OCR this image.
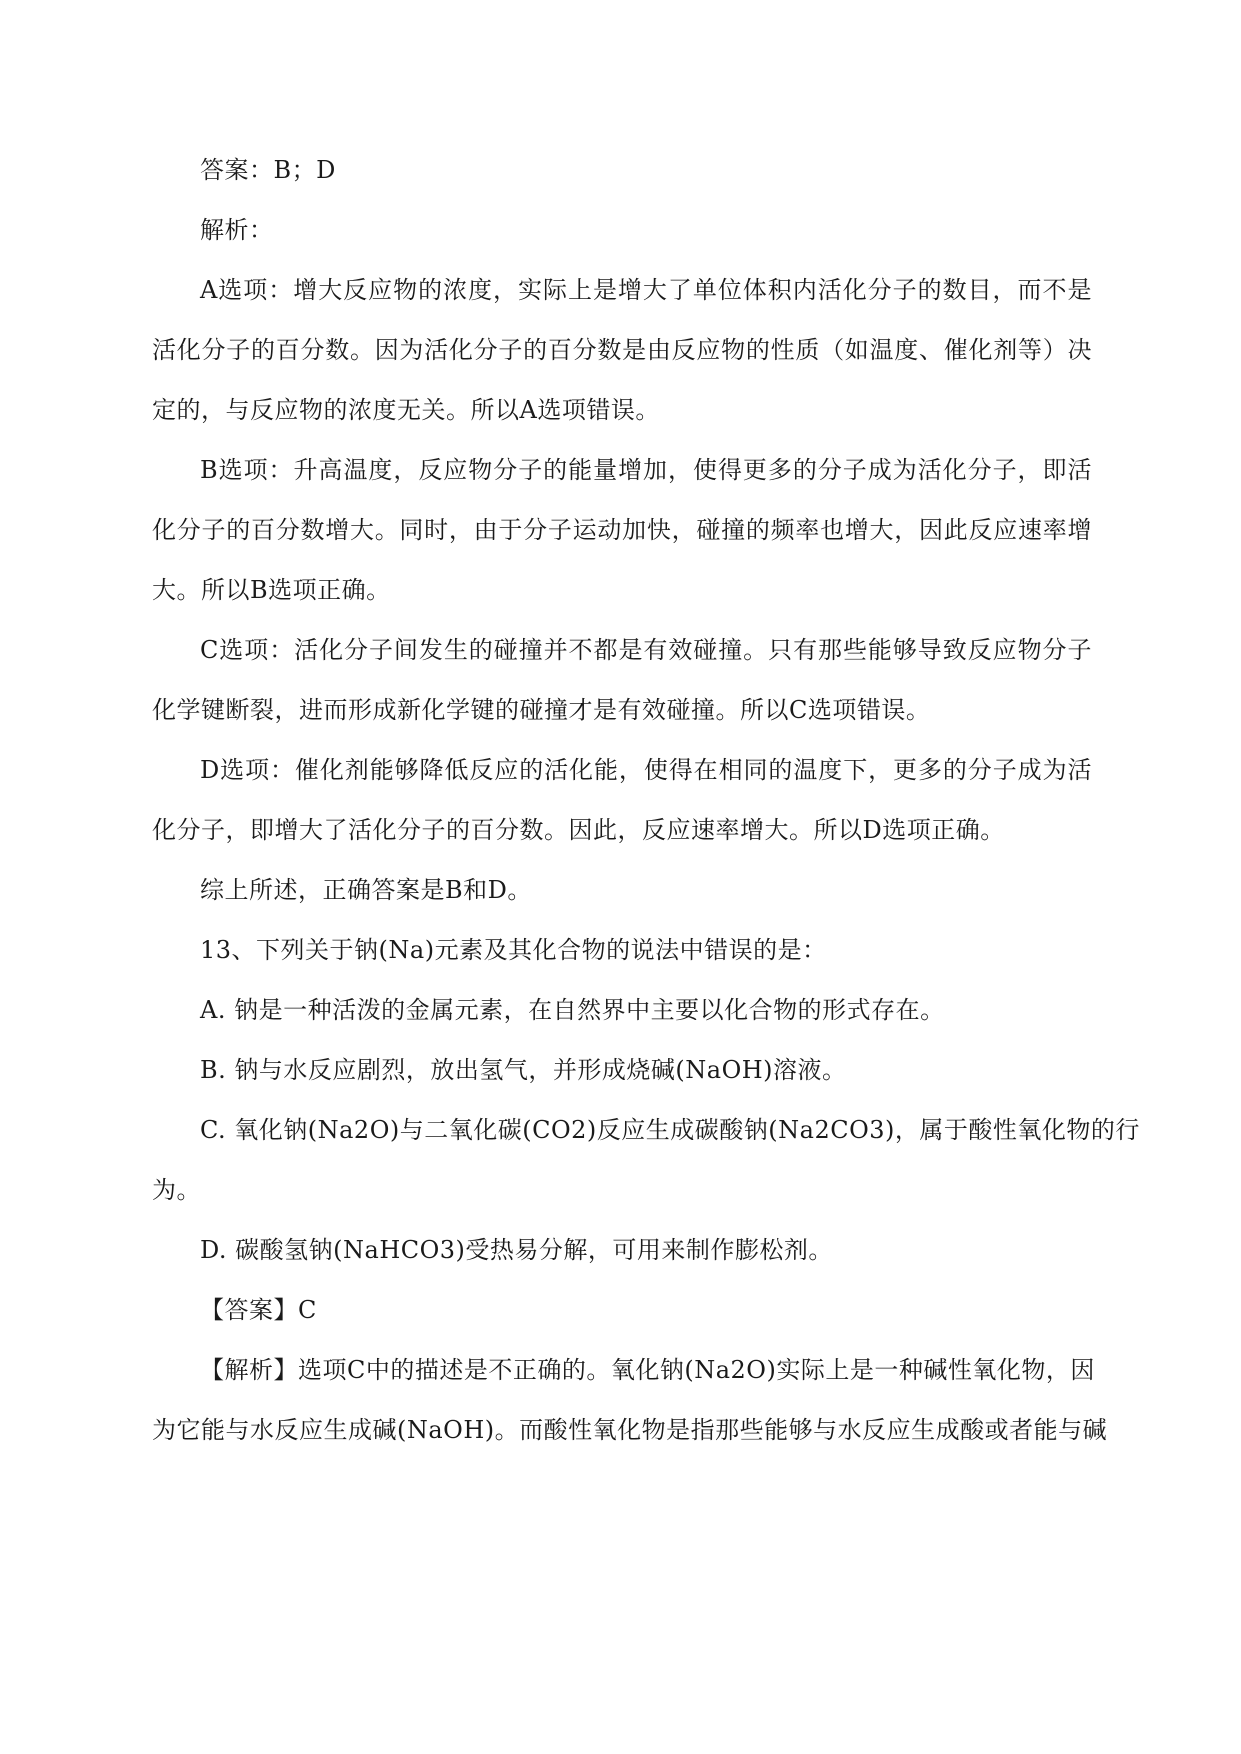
答案：B；D
解析：
A选项：增大反应物的浓度，实际上是增大了单位体积内活化分子的数目，而不是
活化分子的百分数。因为活化分子的百分数是由反应物的性质（如温度、催化剂等）决
定的，与反应物的浓度无关。所以A选项错误。
B选项：升高温度，反应物分子的能量增加，使得更多的分子成为活化分子，即活
化分子的百分数增大。同时，由于分子运动加快，碰撞的频率也增大，因此反应速率增
大。所以B选项正确。
C选项：活化分子间发生的碰撞并不都是有效碰撞。只有那些能够导致反应物分子
化学键断裂，进而形成新化学键的碰撞才是有效碰撞。所以C选项错误。
D选项：催化剂能够降低反应的活化能，使得在相同的温度下，更多的分子成为活
化分子，即增大了活化分子的百分数。因此，反应速率增大。所以D选项正确。
综上所述，正确答案是B和D。
13、下列关于钠(Na)元素及其化合物的说法中错误的是：
A. 钠是一种活泼的金属元素，在自然界中主要以化合物的形式存在。
B. 钠与水反应剧烈，放出氢气，并形成烧碱(NaOH)溶液。
C. 氧化钠(Na2O)与二氧化碳(CO2)反应生成碳酸钠(Na2CO3)，属于酸性氧化物的行
为。
D. 碳酸氢钠(NaHCO3)受热易分解，可用来制作膨松剂。
【答案】C
【解析】选项C中的描述是不正确的。氧化钠(Na2O)实际上是一种碱性氧化物，因
为它能与水反应生成碱(NaOH)。而酸性氧化物是指那些能够与水反应生成酸或者能与碱
